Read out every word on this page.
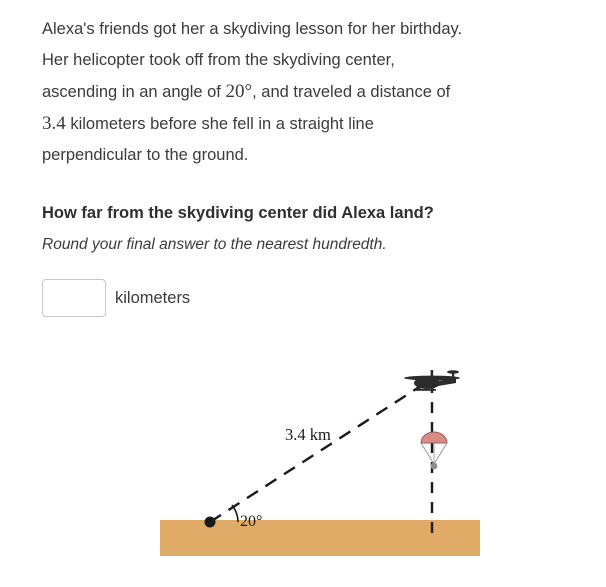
Alexa's friends got her a skydiving lesson for her birthday.
Her helicopter took off from the skydiving center,
ascending in an angle of 20°, and traveled a distance of
3.4 kilometers before she fell in a straight line
perpendicular to the ground.
How far from the skydiving center did Alexa land?
Round your final answer to the nearest hundredth.
kilometers
3.4 km
20°
